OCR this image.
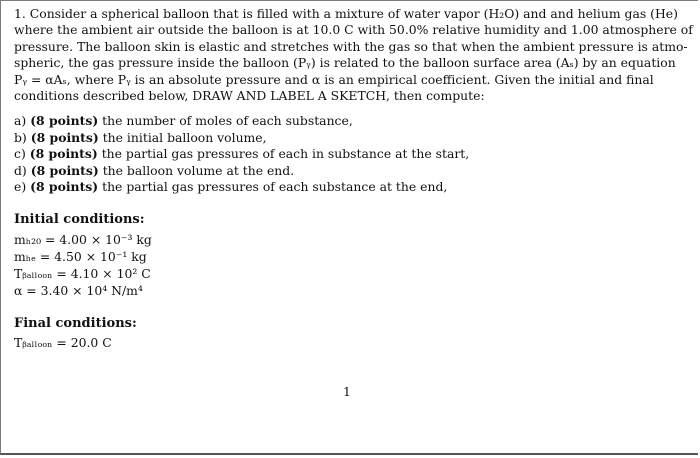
1. Consider a spherical balloon that is filled with a mixture of water vapor (H₂O) and and helium gas (He)
where the ambient air outside the balloon is at 10.0 C with 50.0% relative humidity and 1.00 atmosphere of
pressure. The balloon skin is elastic and stretches with the gas so that when the ambient pressure is atmo-
spheric, the gas pressure inside the balloon (Pᵧ) is related to the balloon surface area (Aₛ) by an equation
Pᵧ = αAₛ, where Pᵧ is an absolute pressure and α is an empirical coefficient. Given the initial and final
conditions described below, DRAW AND LABEL A SKETCH, then compute:
a) (8 points) the number of moles of each substance,
b) (8 points) the initial balloon volume,
c) (8 points) the partial gas pressures of each in substance at the start,
d) (8 points) the balloon volume at the end.
e) (8 points) the partial gas pressures of each substance at the end,
Initial conditions:
mₕ₂₀ = 4.00 × 10⁻³ kg
mₕₑ = 4.50 × 10⁻¹ kg
Tᵦₐₗₗₒₒₙ = 4.10 × 10² C
α = 3.40 × 10⁴ N/m⁴
Final conditions:
Tᵦₐₗₗₒₒₙ = 20.0 C
1
